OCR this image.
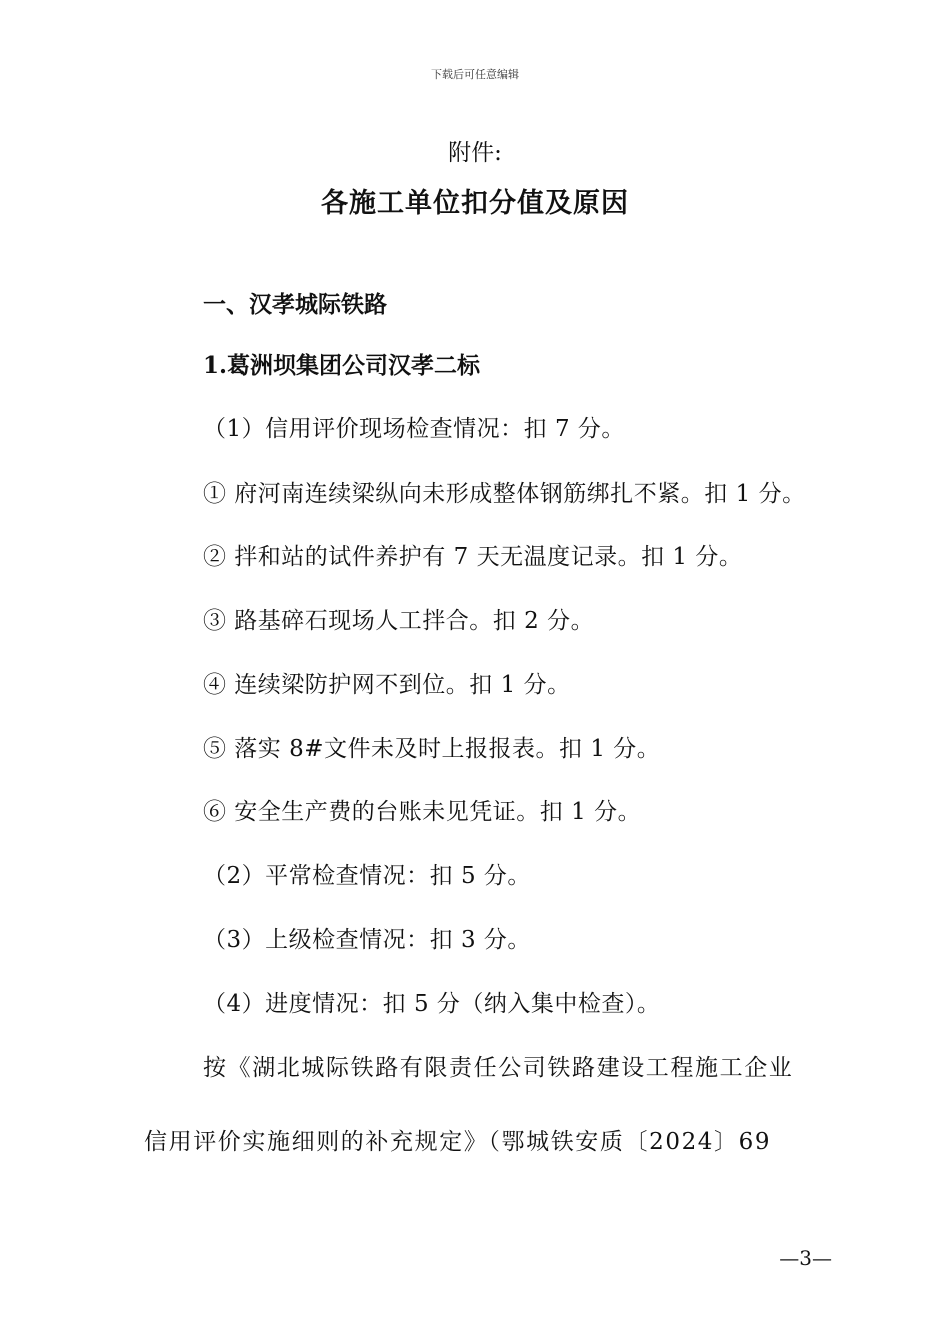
下载后可任意编辑
附件:
各施工单位扣分值及原因
一、汉孝城际铁路
1.葛洲坝集团公司汉孝二标
（1）信用评价现场检查情况：扣 7 分。
① 府河南连续梁纵向未形成整体钢筋绑扎不紧。扣 1 分。
② 拌和站的试件养护有 7 天无温度记录。扣 1 分。
③ 路基碎石现场人工拌合。扣 2 分。
④ 连续梁防护网不到位。扣 1 分。
⑤ 落实 8#文件未及时上报报表。扣 1 分。
⑥ 安全生产费的台账未见凭证。扣 1 分。
（2）平常检查情况：扣 5 分。
（3）上级检查情况：扣 3 分。
（4）进度情况：扣 5 分（纳入集中检查）。
按《湖北城际铁路有限责任公司铁路建设工程施工企业
信用评价实施细则的补充规定》（鄂城铁安质〔2024〕69
—3—
